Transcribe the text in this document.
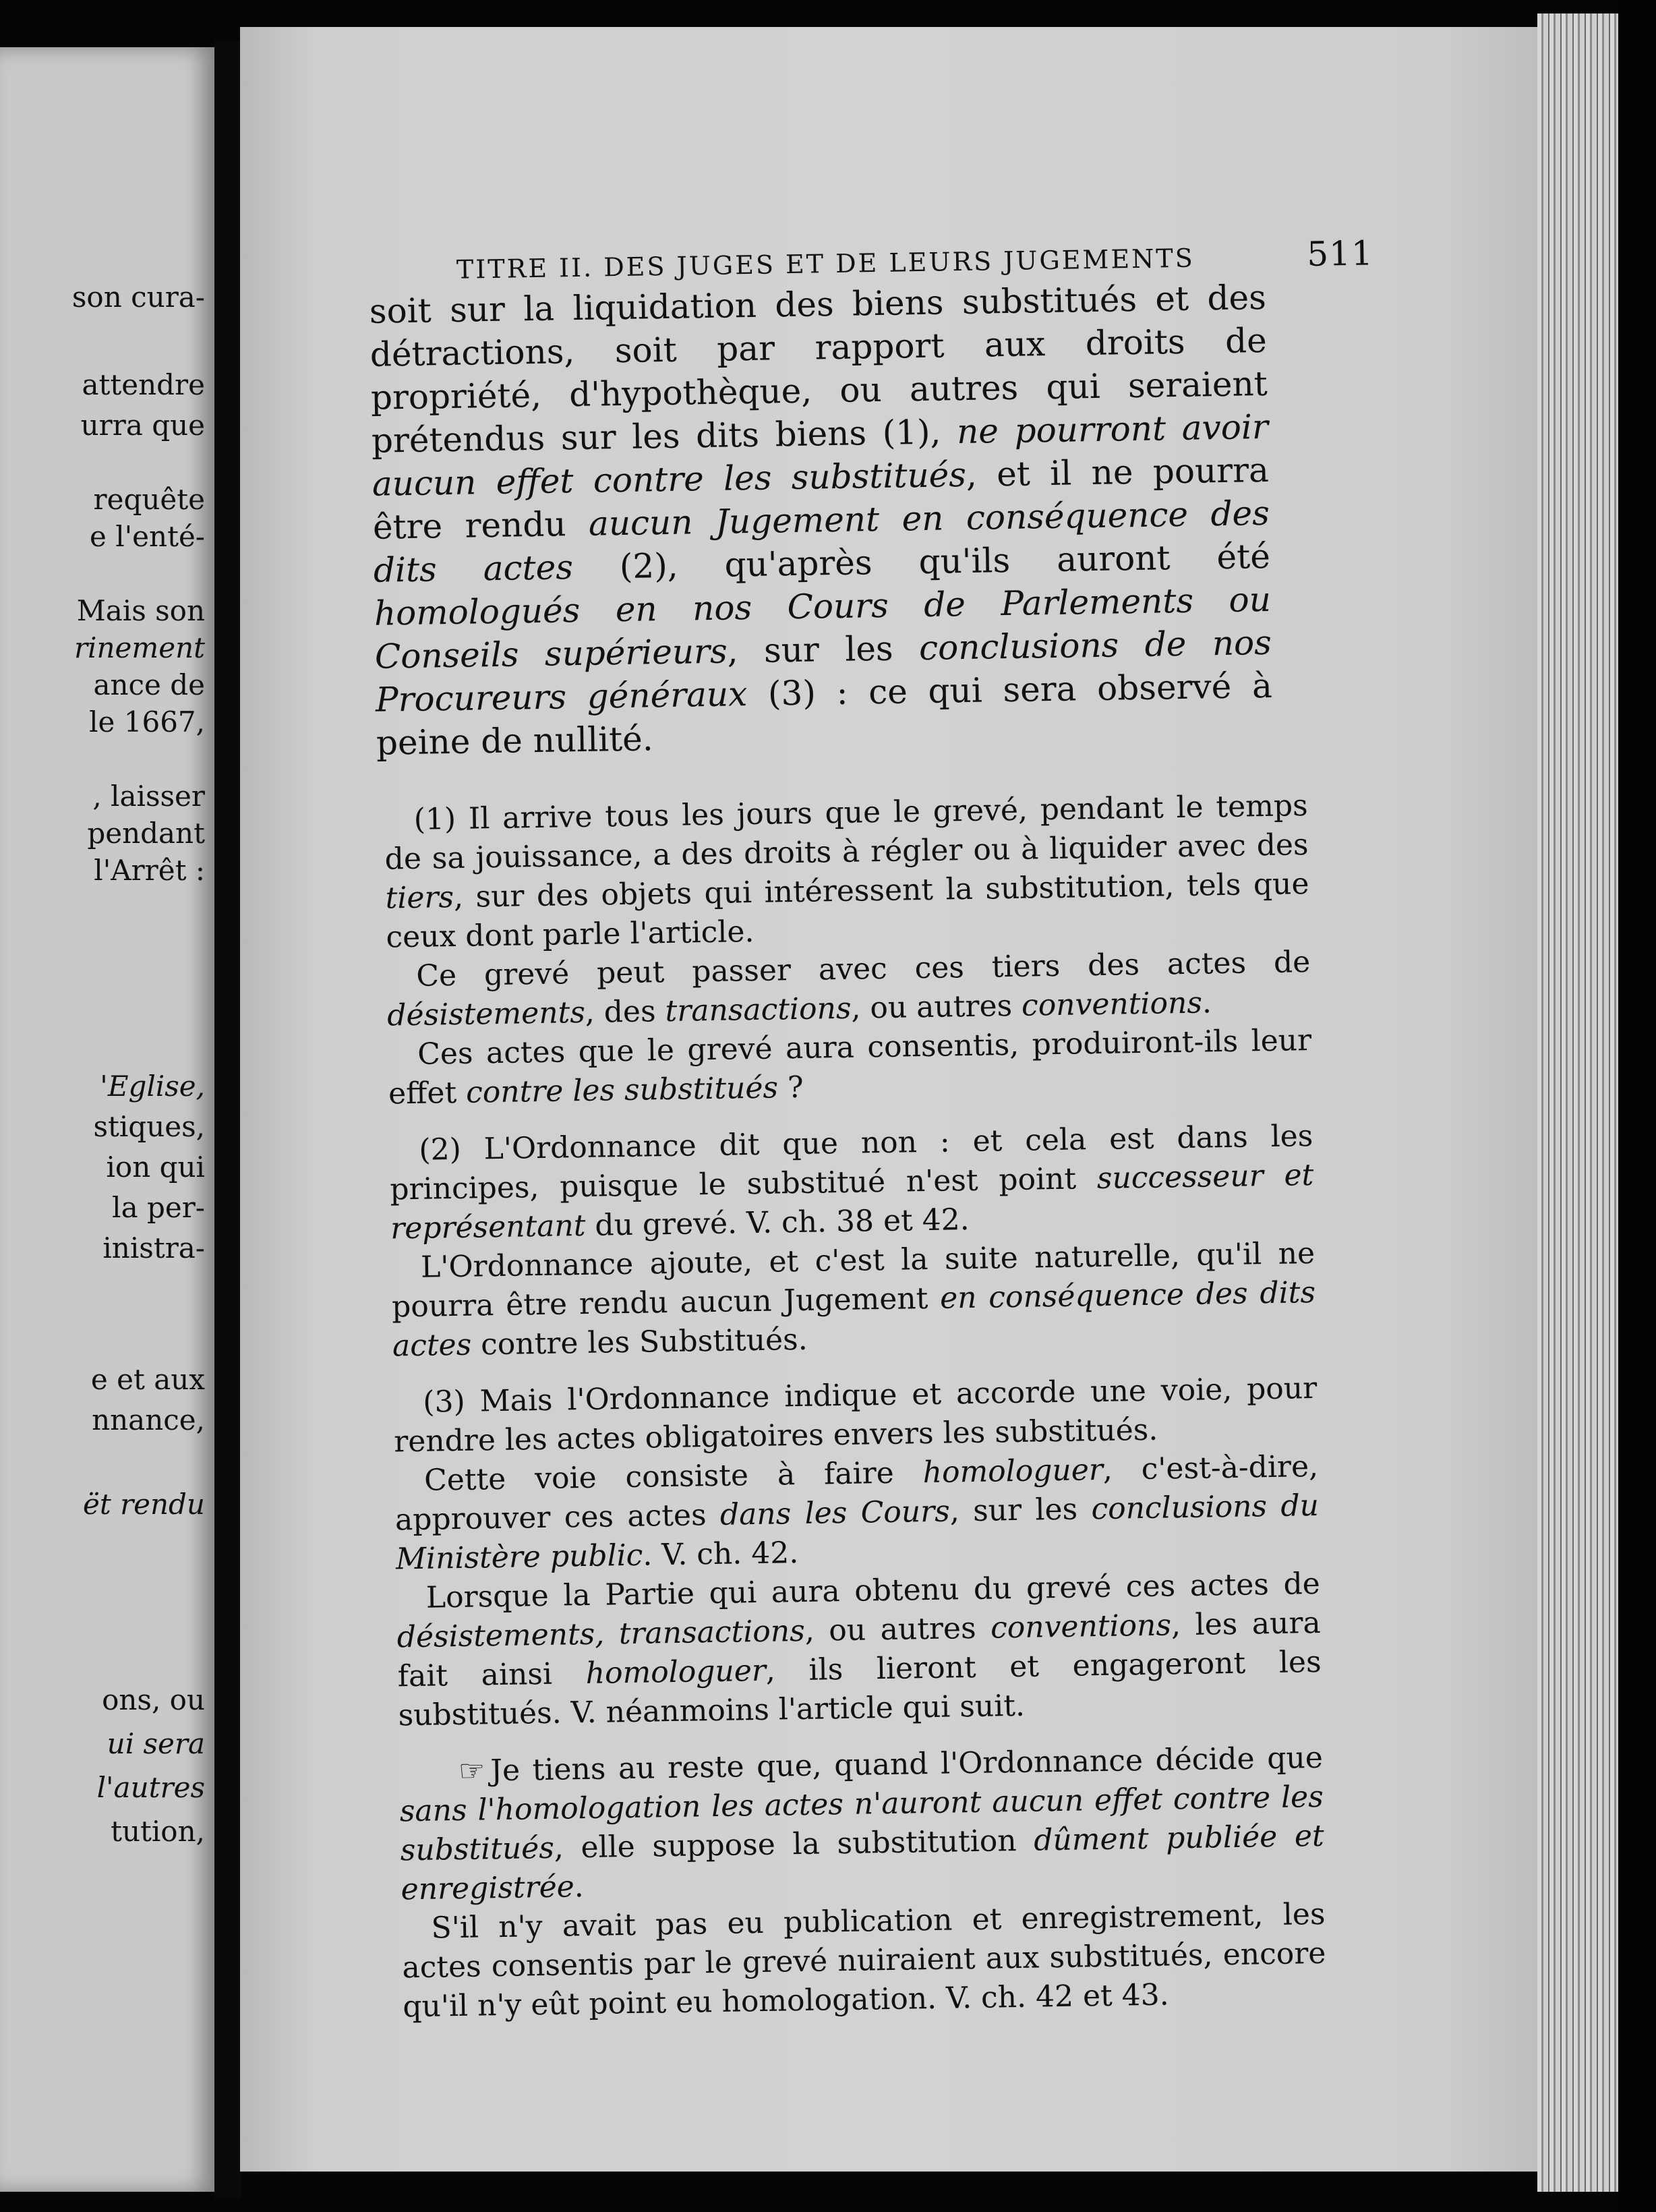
son cura-
attendre
urra que
requête
e l'enté-
Mais son
rinement
ance de
le 1667,
, laisser
pendant
l'Arrêt :
'Eglise,
stiques,
ion qui
la per-
inistra-
e et aux
nnance,
ët rendu
ons, ou
ui sera
l'autres
tution,
TITRE II. DES JUGES ET DE LEURS JUGEMENTS	511

soit sur la liquidation des biens substitués et des détractions, soit par rapport aux droits de propriété, d'hypothèque, ou autres qui seraient prétendus sur les dits biens (1), ne pourront avoir aucun effet contre les substitués, et il ne pourra être rendu aucun Jugement en conséquence des dits actes (2), qu'après qu'ils auront été homologués en nos Cours de Parlements ou Conseils supérieurs, sur les conclusions de nos Procureurs généraux (3) : ce qui sera observé à peine de nullité.

(1) Il arrive tous les jours que le grevé, pendant le temps de sa jouissance, a des droits à régler ou à liquider avec des tiers, sur des objets qui intéressent la substitution, tels que ceux dont parle l'article.

Ce grevé peut passer avec ces tiers des actes de désistements, des transactions, ou autres conventions.

Ces actes que le grevé aura consentis, produiront-ils leur effet contre les substitués ?

(2) L'Ordonnance dit que non : et cela est dans les principes, puisque le substitué n'est point successeur et représentant du grevé. V. ch. 38 et 42.

L'Ordonnance ajoute, et c'est la suite naturelle, qu'il ne pourra être rendu aucun Jugement en conséquence des dits actes contre les Substitués.

(3) Mais l'Ordonnance indique et accorde une voie, pour rendre les actes obligatoires envers les substitués.

Cette voie consiste à faire homologuer, c'est-à-dire, approuver ces actes dans les Cours, sur les conclusions du Ministère public. V. ch. 42.

Lorsque la Partie qui aura obtenu du grevé ces actes de désistements, transactions, ou autres conventions, les aura fait ainsi homologuer, ils lieront et engageront les substitués. V. néanmoins l'article qui suit.

☞ Je tiens au reste que, quand l'Ordonnance décide que sans l'homologation les actes n'auront aucun effet contre les substitués, elle suppose la substitution dûment publiée et enregistrée.

S'il n'y avait pas eu publication et enregistrement, les actes consentis par le grevé nuiraient aux substitués, encore qu'il n'y eût point eu homologation. V. ch. 42 et 43.
